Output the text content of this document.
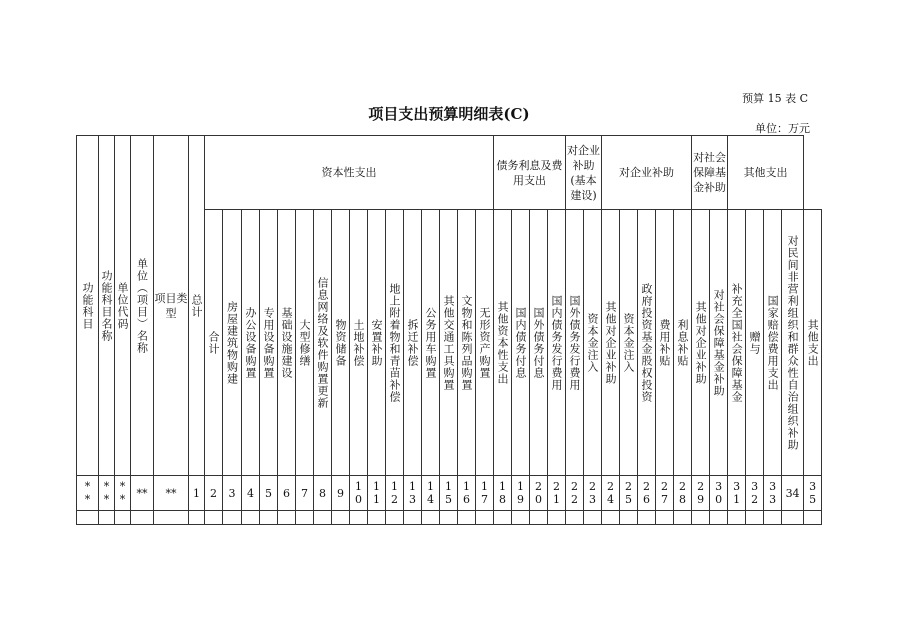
预算 15 表 C
项目支出预算明细表(C)
单位：万元
功能科目	功能科目名称	单位代码	单位（项目）名称	项目类型	总计	资本性支出																债务利息及费用支出				对企业补助(基本建设)		对企业补助					对社会保障基金补助		其他支出				
						合计	房屋建筑物购建	办公设备购置	专用设备购置	基础设施建设	大型修缮	信息网络及软件购置更新	物资储备	土地补偿	安置补助	地上附着物和青苗补偿	拆迁补偿	公务用车购置	其他交通工具购置	文物和陈列品购置	无形资产购置	其他资本性支出	国内债务付息	国外债务付息	国内债务发行费用	国外债务发行费用	资本金注入	其他对企业补助	资本金注入	政府投资基金股权投资	费用补贴	利息补贴	其他对企业补助	对社会保障基金补助	补充全国社会保障基金	赠与	国家赔偿费用支出	对民间非营利组织和群众性自治组织补助	其他支出
**	**	**	**	**	1	2	3	4	5	6	7	8	9	10	11	12	13	14	15	16	17	18	19	20	21	22	23	24	25	26	27	28	29	30	31	32	33	34	35
